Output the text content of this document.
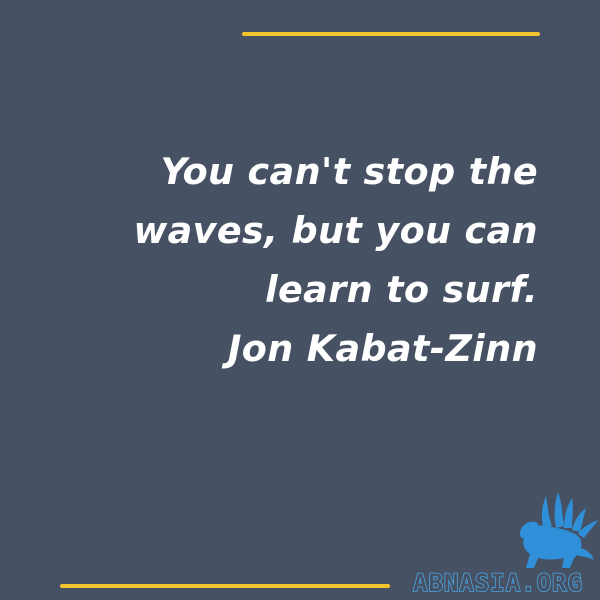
You can't stop the
waves, but you can
learn to surf.
Jon Kabat-Zinn
ABNASIA.ORG
